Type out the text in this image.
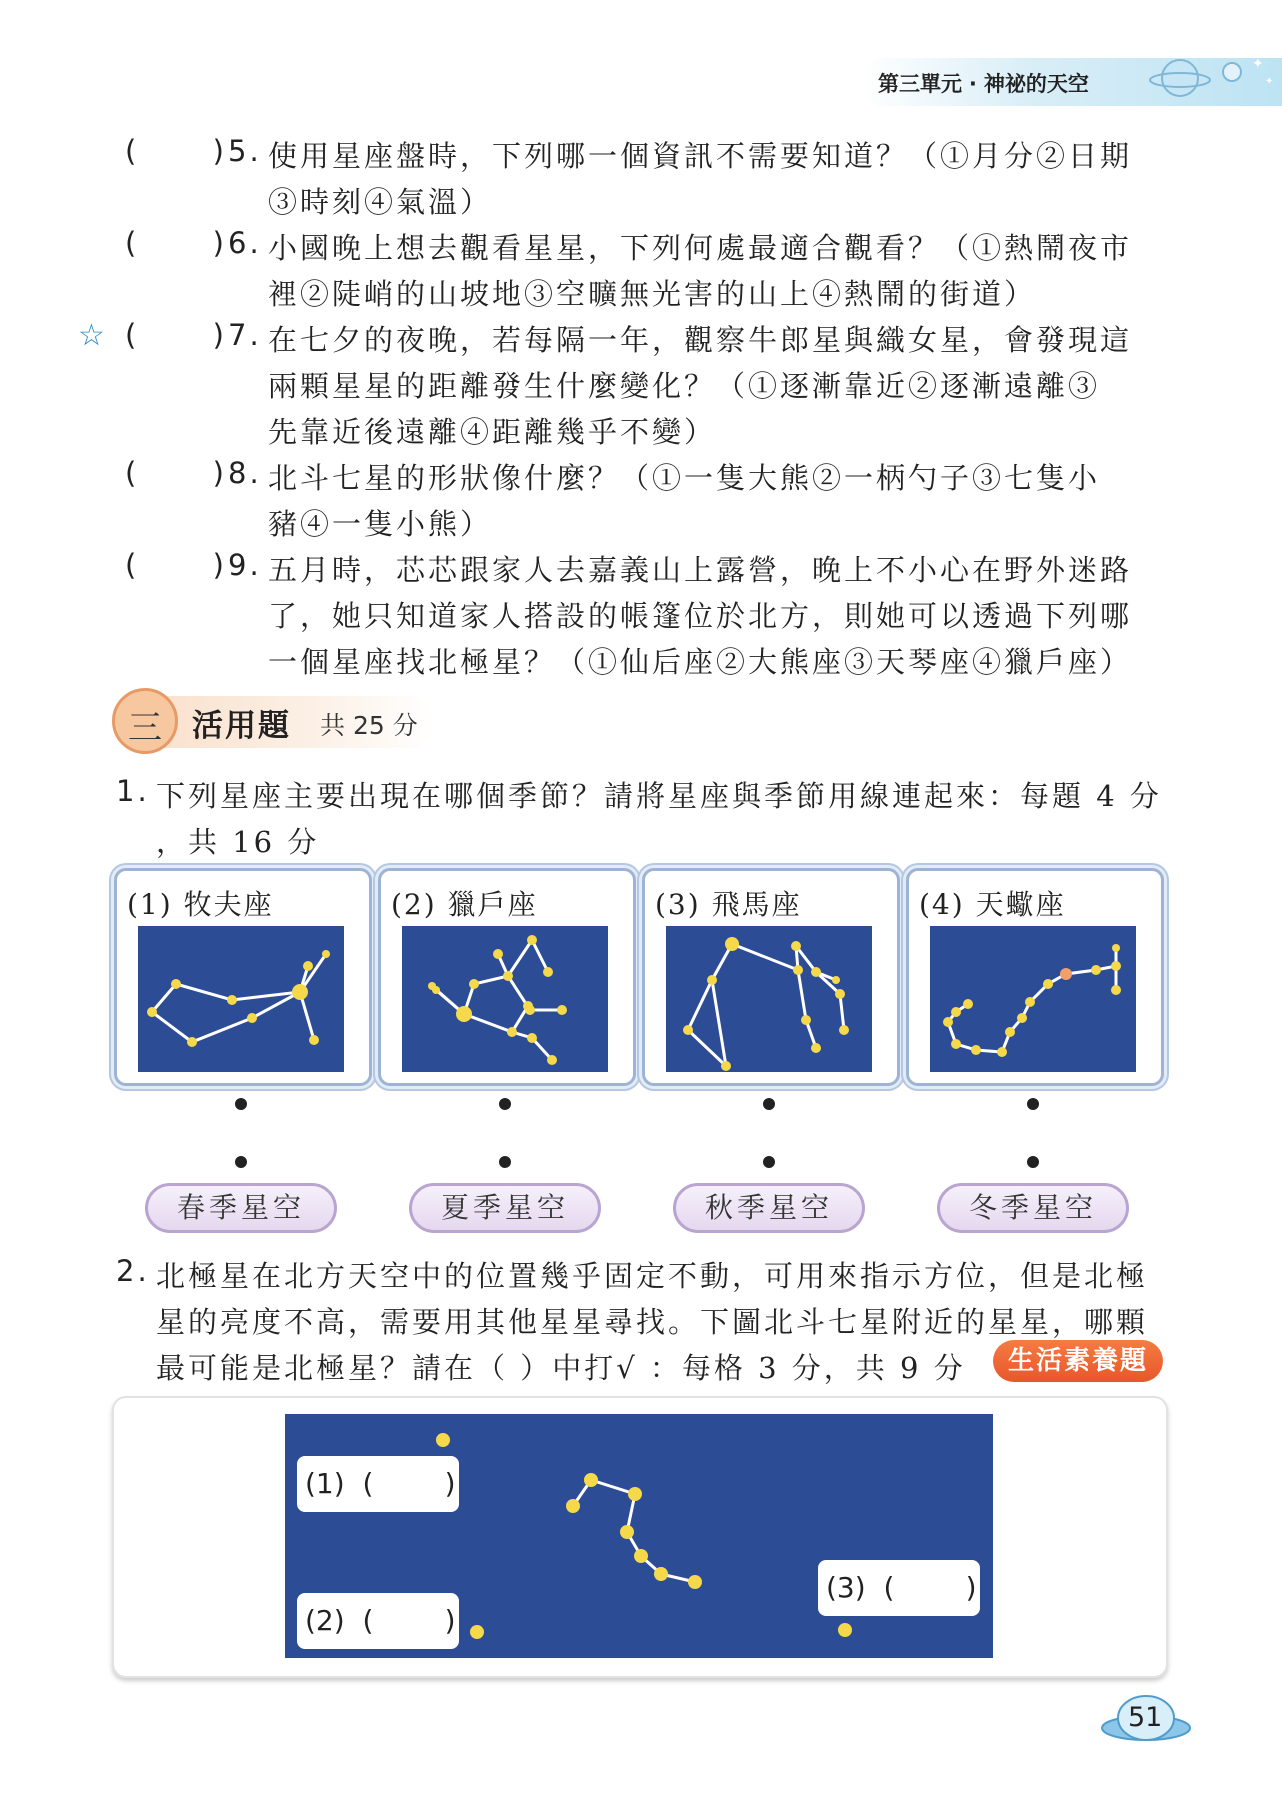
第三單元 ‧ 神祕的天空
✦
✦
(      ) 5. 使用星座盤時，下列哪一個資訊不需要知道？（①月分②日期
③時刻④氣溫）
(      ) 6. 小國晚上想去觀看星星，下列何處最適合觀看？（①熱鬧夜市
裡②陡峭的山坡地③空曠無光害的山上④熱鬧的街道）
☆ (      ) 7. 在七夕的夜晚，若每隔一年，觀察牛郎星與織女星，會發現這
兩顆星星的距離發生什麼變化？（①逐漸靠近②逐漸遠離③
先靠近後遠離④距離幾乎不變）
(      ) 8. 北斗七星的形狀像什麼？（①一隻大熊②一柄勺子③七隻小
豬④一隻小熊）
(      ) 9. 五月時，芯芯跟家人去嘉義山上露營，晚上不小心在野外迷路
了，她只知道家人搭設的帳篷位於北方，則她可以透過下列哪
一個星座找北極星？（①仙后座②大熊座③天琴座④獵戶座）
三 活用題 共 25 分
1. 下列星座主要出現在哪個季節？請將星座與季節用線連起來：每題 4 分
，共 16 分
(1) 牧夫座	(2) 獵戶座	(3) 飛馬座	(4) 天蠍座
春季星空	夏季星空	秋季星空	冬季星空
2. 北極星在北方天空中的位置幾乎固定不動，可用來指示方位，但是北極
星的亮度不高，需要用其他星星尋找。下圖北斗七星附近的星星，哪顆
最可能是北極星？請在（ ）中打√ ：每格 3 分，共 9 分	生活素養題
(1)  (        )
(2)  (        )
(3)  (        )
51
